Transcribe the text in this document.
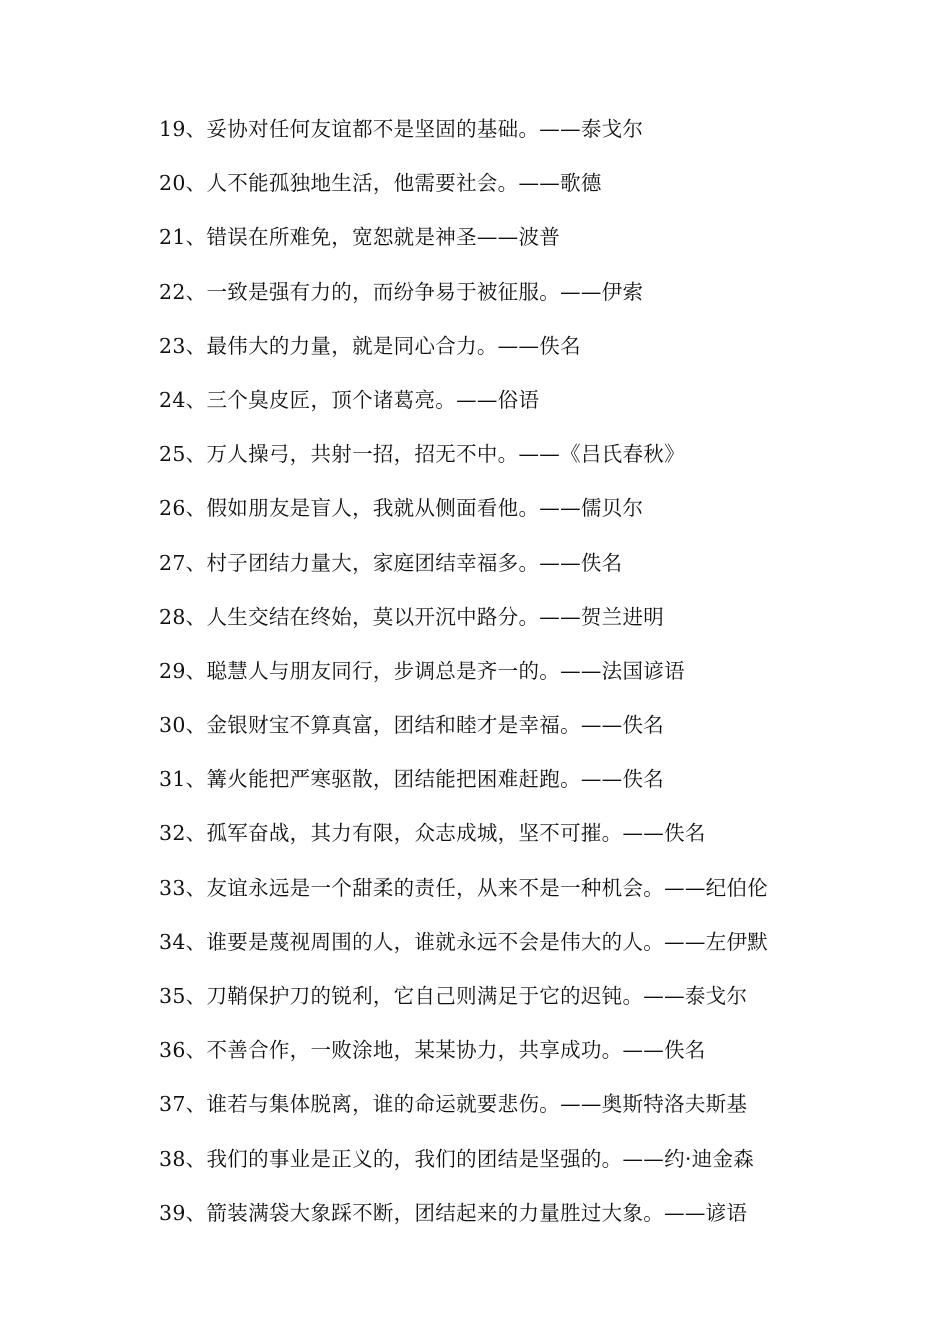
19、妥协对任何友谊都不是坚固的基础。——泰戈尔
20、人不能孤独地生活，他需要社会。——歌德
21、错误在所难免，宽恕就是神圣——波普
22、一致是强有力的，而纷争易于被征服。——伊索
23、最伟大的力量，就是同心合力。——佚名
24、三个臭皮匠，顶个诸葛亮。——俗语
25、万人操弓，共射一招，招无不中。——《吕氏春秋》
26、假如朋友是盲人，我就从侧面看他。——儒贝尔
27、村子团结力量大，家庭团结幸福多。——佚名
28、人生交结在终始，莫以开沉中路分。——贺兰进明
29、聪慧人与朋友同行，步调总是齐一的。——法国谚语
30、金银财宝不算真富，团结和睦才是幸福。——佚名
31、篝火能把严寒驱散，团结能把困难赶跑。——佚名
32、孤军奋战，其力有限，众志成城，坚不可摧。——佚名
33、友谊永远是一个甜柔的责任，从来不是一种机会。——纪伯伦
34、谁要是蔑视周围的人，谁就永远不会是伟大的人。——左伊默
35、刀鞘保护刀的锐利，它自己则满足于它的迟钝。——泰戈尔
36、不善合作，一败涂地，某某协力，共享成功。——佚名
37、谁若与集体脱离，谁的命运就要悲伤。——奥斯特洛夫斯基
38、我们的事业是正义的，我们的团结是坚强的。——约·迪金森
39、箭装满袋大象踩不断，团结起来的力量胜过大象。——谚语
